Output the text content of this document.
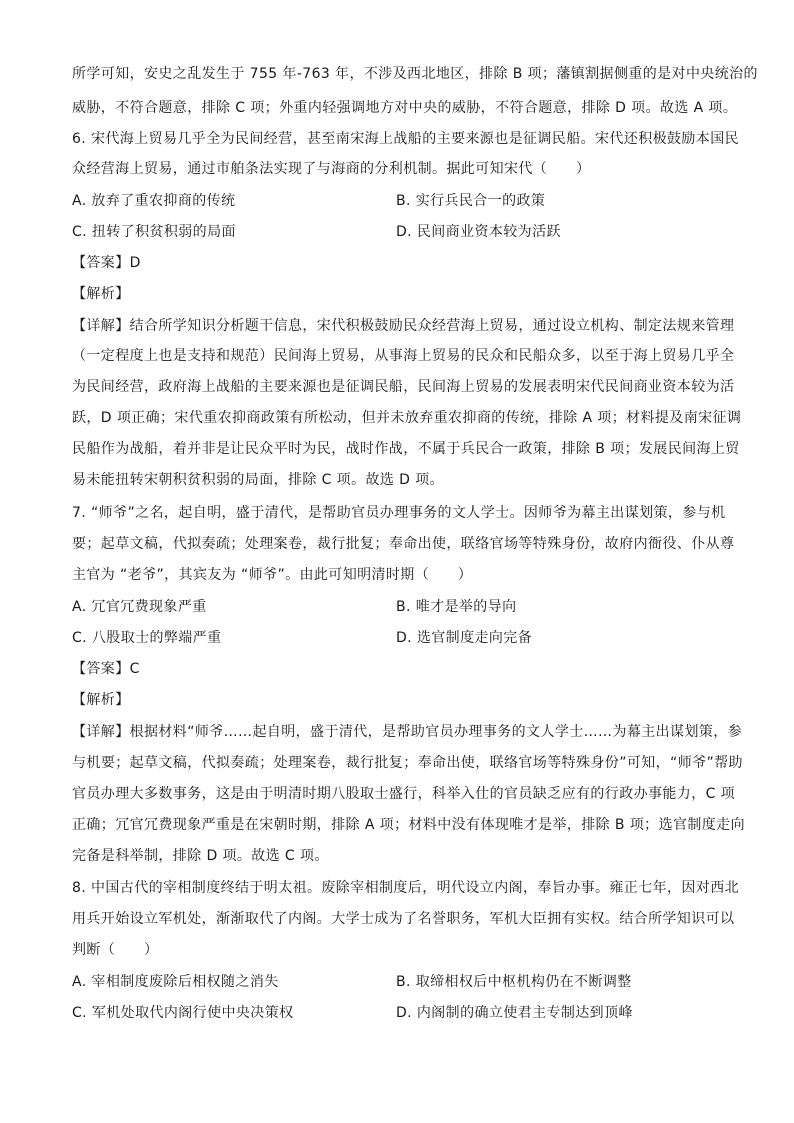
所学可知，安史之乱发生于 755 年-763 年，不涉及西北地区，排除 B 项；藩镇割据侧重的是对中央统治的
威胁，不符合题意，排除 C 项；外重内轻强调地方对中央的威胁，不符合题意，排除 D 项。故选 A 项。
6. 宋代海上贸易几乎全为民间经营，甚至南宋海上战船的主要来源也是征调民船。宋代还积极鼓励本国民
众经营海上贸易，通过市舶条法实现了与海商的分利机制。据此可知宋代（　　）
A. 放弃了重农抑商的传统	B. 实行兵民合一的政策
C. 扭转了积贫积弱的局面	D. 民间商业资本较为活跃
【答案】D
【解析】
【详解】结合所学知识分析题干信息，宋代积极鼓励民众经营海上贸易，通过设立机构、制定法规来管理
（一定程度上也是支持和规范）民间海上贸易，从事海上贸易的民众和民船众多，以至于海上贸易几乎全
为民间经营，政府海上战船的主要来源也是征调民船，民间海上贸易的发展表明宋代民间商业资本较为活
跃，D 项正确；宋代重农抑商政策有所松动，但并未放弃重农抑商的传统，排除 A 项；材料提及南宋征调
民船作为战船，着并非是让民众平时为民，战时作战，不属于兵民合一政策，排除 B 项；发展民间海上贸
易未能扭转宋朝积贫积弱的局面，排除 C 项。故选 D 项。
7. “师爷”之名，起自明，盛于清代，是帮助官员办理事务的文人学士。因师爷为幕主出谋划策，参与机
要；起草文稿，代拟奏疏；处理案卷，裁行批复；奉命出使，联络官场等特殊身份，故府内衙役、仆从尊
主官为 “老爷”，其宾友为 “师爷”。由此可知明清时期（　　）
A. 冗官冗费现象严重	B. 唯才是举的导向
C. 八股取士的弊端严重	D. 选官制度走向完备
【答案】C
【解析】
【详解】根据材料“师爷……起自明，盛于清代，是帮助官员办理事务的文人学士……为幕主出谋划策，参
与机要；起草文稿，代拟奏疏；处理案卷，裁行批复；奉命出使，联络官场等特殊身份”可知，“师爷”帮助
官员办理大多数事务，这是由于明清时期八股取士盛行，科举入仕的官员缺乏应有的行政办事能力，C 项
正确；冗官冗费现象严重是在宋朝时期，排除 A 项；材料中没有体现唯才是举，排除 B 项；选官制度走向
完备是科举制，排除 D 项。故选 C 项。
8. 中国古代的宰相制度终结于明太祖。废除宰相制度后，明代设立内阁，奉旨办事。雍正七年，因对西北
用兵开始设立军机处，渐渐取代了内阁。大学士成为了名誉职务，军机大臣拥有实权。结合所学知识可以
判断（　　）
A. 宰相制度废除后相权随之消失	B. 取缔相权后中枢机构仍在不断调整
C. 军机处取代内阁行使中央决策权	D. 内阁制的确立使君主专制达到顶峰
